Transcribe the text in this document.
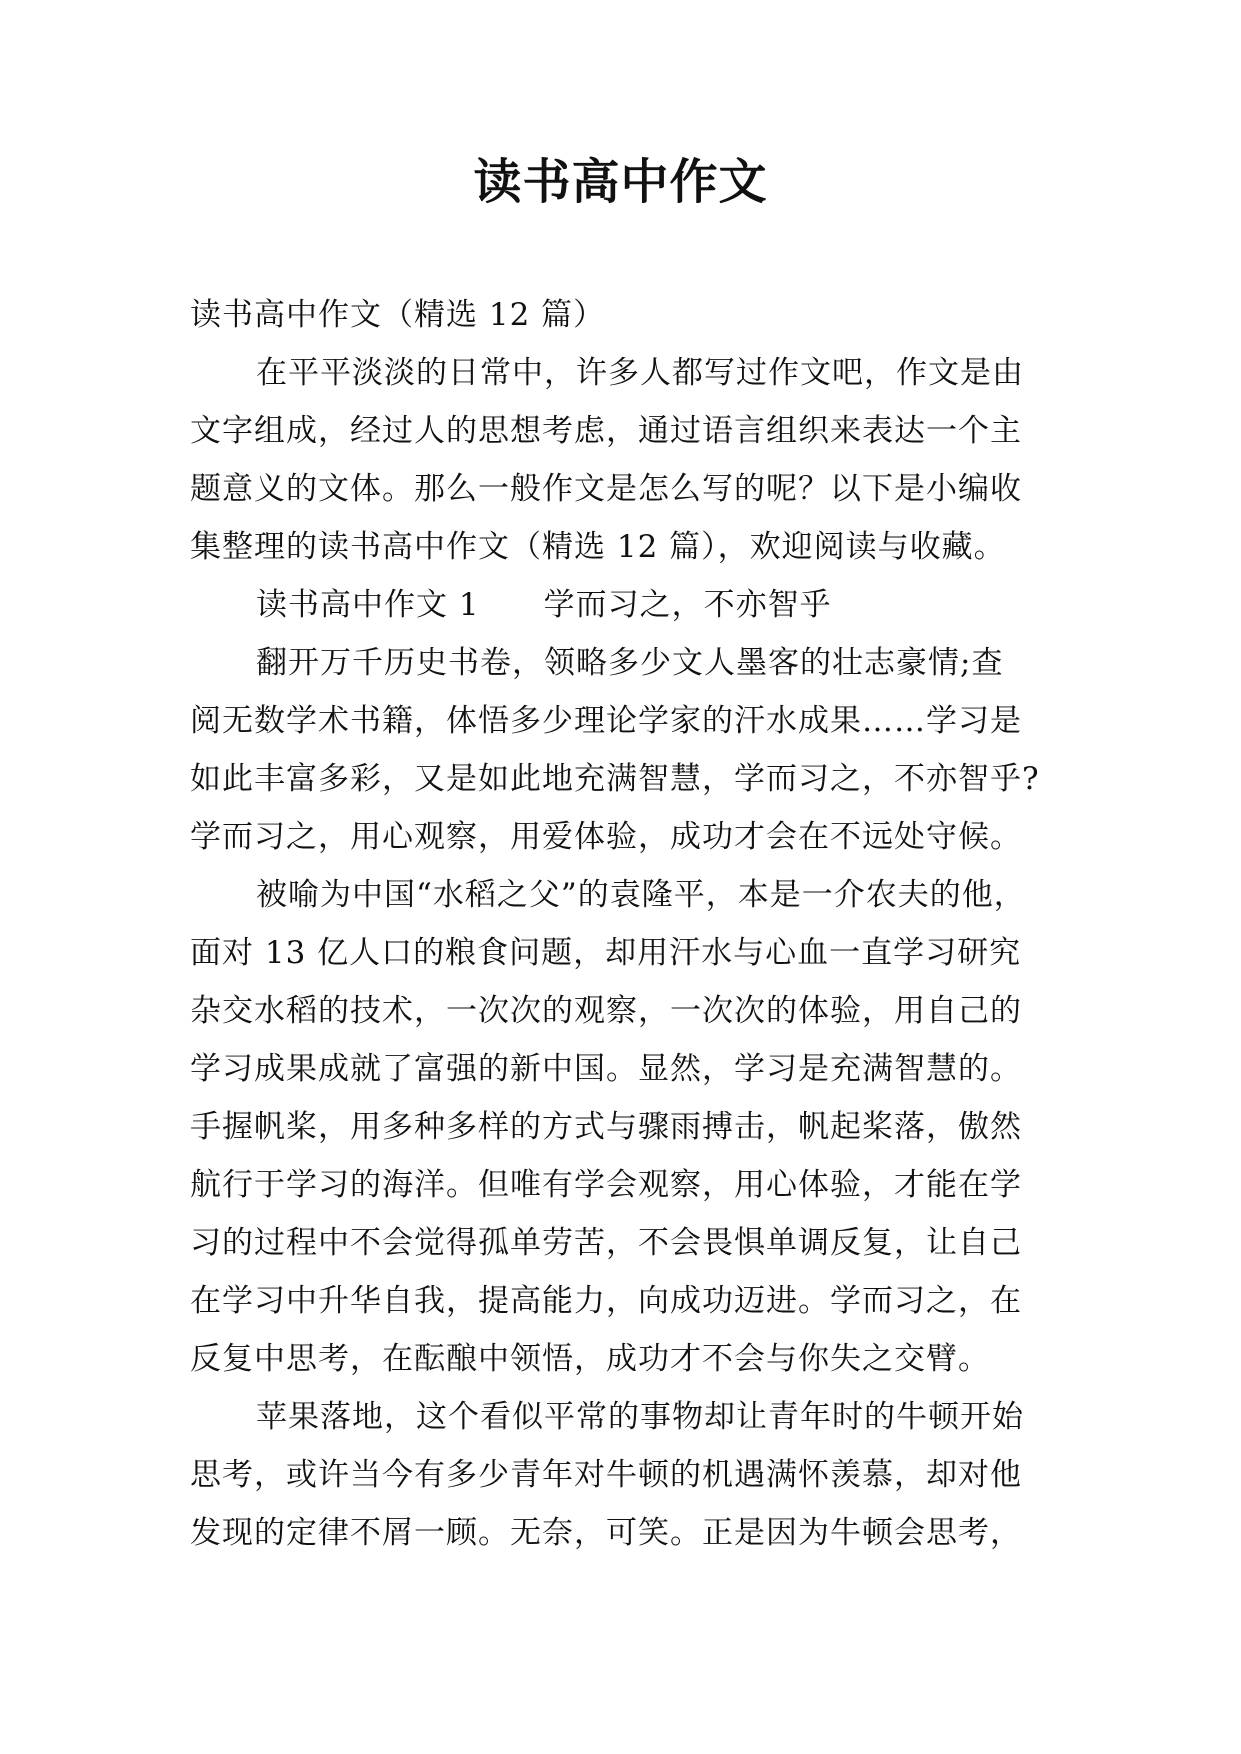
读书高中作文

读书高中作文（精选 12 篇）

在平平淡淡的日常中，许多人都写过作文吧，作文是由

文字组成，经过人的思想考虑，通过语言组织来表达一个主

题意义的文体。那么一般作文是怎么写的呢？以下是小编收

集整理的读书高中作文（精选 12 篇），欢迎阅读与收藏。

读书高中作文 1　　学而习之，不亦智乎

翻开万千历史书卷，领略多少文人墨客的壮志豪情;查

阅无数学术书籍，体悟多少理论学家的汗水成果……学习是

如此丰富多彩，又是如此地充满智慧，学而习之，不亦智乎?

学而习之，用心观察，用爱体验，成功才会在不远处守候。

被喻为中国“水稻之父”的袁隆平，本是一介农夫的他，

面对 13 亿人口的粮食问题，却用汗水与心血一直学习研究

杂交水稻的技术，一次次的观察，一次次的体验，用自己的

学习成果成就了富强的新中国。显然，学习是充满智慧的。

手握帆桨，用多种多样的方式与骤雨搏击，帆起桨落，傲然

航行于学习的海洋。但唯有学会观察，用心体验，才能在学

习的过程中不会觉得孤单劳苦，不会畏惧单调反复，让自己

在学习中升华自我，提高能力，向成功迈进。学而习之，在

反复中思考，在酝酿中领悟，成功才不会与你失之交臂。

苹果落地，这个看似平常的事物却让青年时的牛顿开始

思考，或许当今有多少青年对牛顿的机遇满怀羡慕，却对他

发现的定律不屑一顾。无奈，可笑。正是因为牛顿会思考，
